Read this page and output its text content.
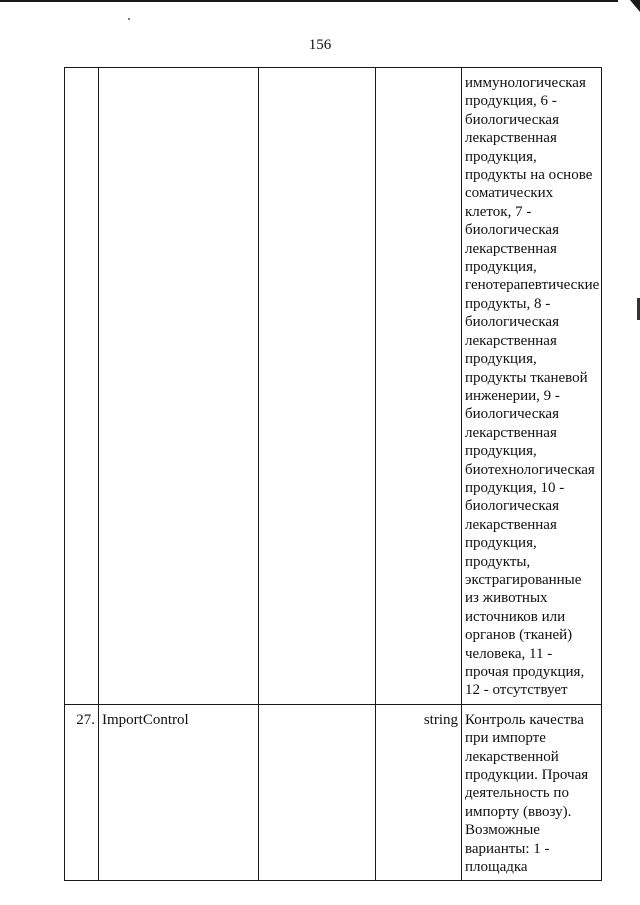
156
				иммунологическая продукция, 6 - биологическая лекарственная продукция, продукты на основе соматических клеток, 7 - биологическая лекарственная продукция, генотерапевтические продукты, 8 - биологическая лекарственная продукция, продукты тканевой инженерии, 9 - биологическая лекарственная продукция, биотехнологическая продукция, 10 - биологическая лекарственная продукция, продукты, экстрагированные из животных источников или органов (тканей) человека, 11 - прочая продукция, 12 - отсутствует
27.	ImportControl		string	Контроль качества при импорте лекарственной продукции. Прочая деятельность по импорту (ввозу). Возможные варианты: 1 - площадка
